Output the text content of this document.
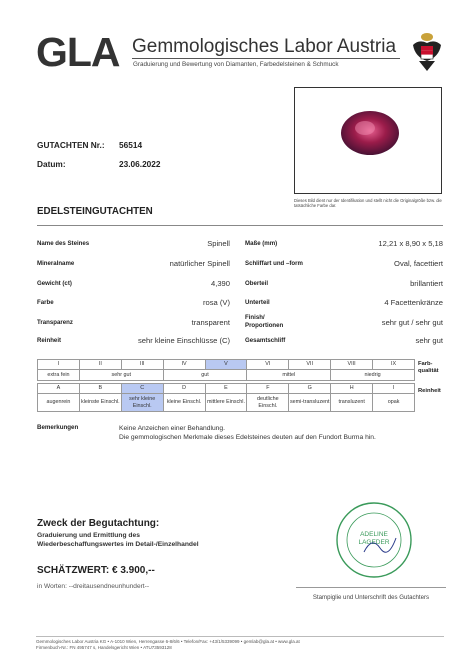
GLA Gemmologisches Labor Austria
Graduierung und Bewertung von Diamanten, Farbedelsteinen & Schmuck
Dieses Bild dient nur der Identifikation und stellt nicht die Originalgröße bzw. die tatsächliche Farbe dar.
GUTACHTEN Nr.: 56514
Datum:	23.06.2022
EDELSTEINGUTACHTEN
Name des Steines	Spinell
Mineralname	natürlicher Spinell
Gewicht (ct)	4,390
Farbe	rosa (V)
Transparenz	transparent
Reinheit	sehr kleine Einschlüsse (C)
Maße (mm)	12,21 x 8,90 x 5,18
Schliffart und –form	Oval, facettiert
Oberteil	brillantiert
Unterteil	4 Facettenkränze
Finish/
Proportionen	sehr gut / sehr gut
Gesamtschliff	sehr gut
I	II	III	IV	V	VI	VII	VIII	IX
extra fein	sehr gut		gut		mittel		niedrig	
Farb-qualität
A	B	C	D	E	F	G	H	I
augenrein	kleinste Einschl.	sehr kleine Einschl.	kleine Einschl.	mittlere Einschl.	deutliche Einschl.	semi-transluzent	transluzent	opak
Reinheit
Bemerkungen	Keine Anzeichen einer Behandlung.
Die gemmologischen Merkmale dieses Edelsteines deuten auf den Fundort Burma hin.
Zweck der Begutachtung:
Graduierung und Ermittlung des
Wiederbeschaffungswertes im Detail-/Einzelhandel
SCHÄTZWERT: € 3.900,--
in Worten: --dreitausendneunhundert--
ADELINE
LAGEDER
Stampiglie und Unterschrift des Gutachters
Gemmologisches Labor Austria KG • A-1010 Wien, Herrengasse 6-8/6/6 • Telefon/Fax: +43/1/5339099 • gemlab@gla.at • www.gla.at
Firmenbuch-Nr.: FN 495747 s, Handelsgericht Wien • ATU73593128
